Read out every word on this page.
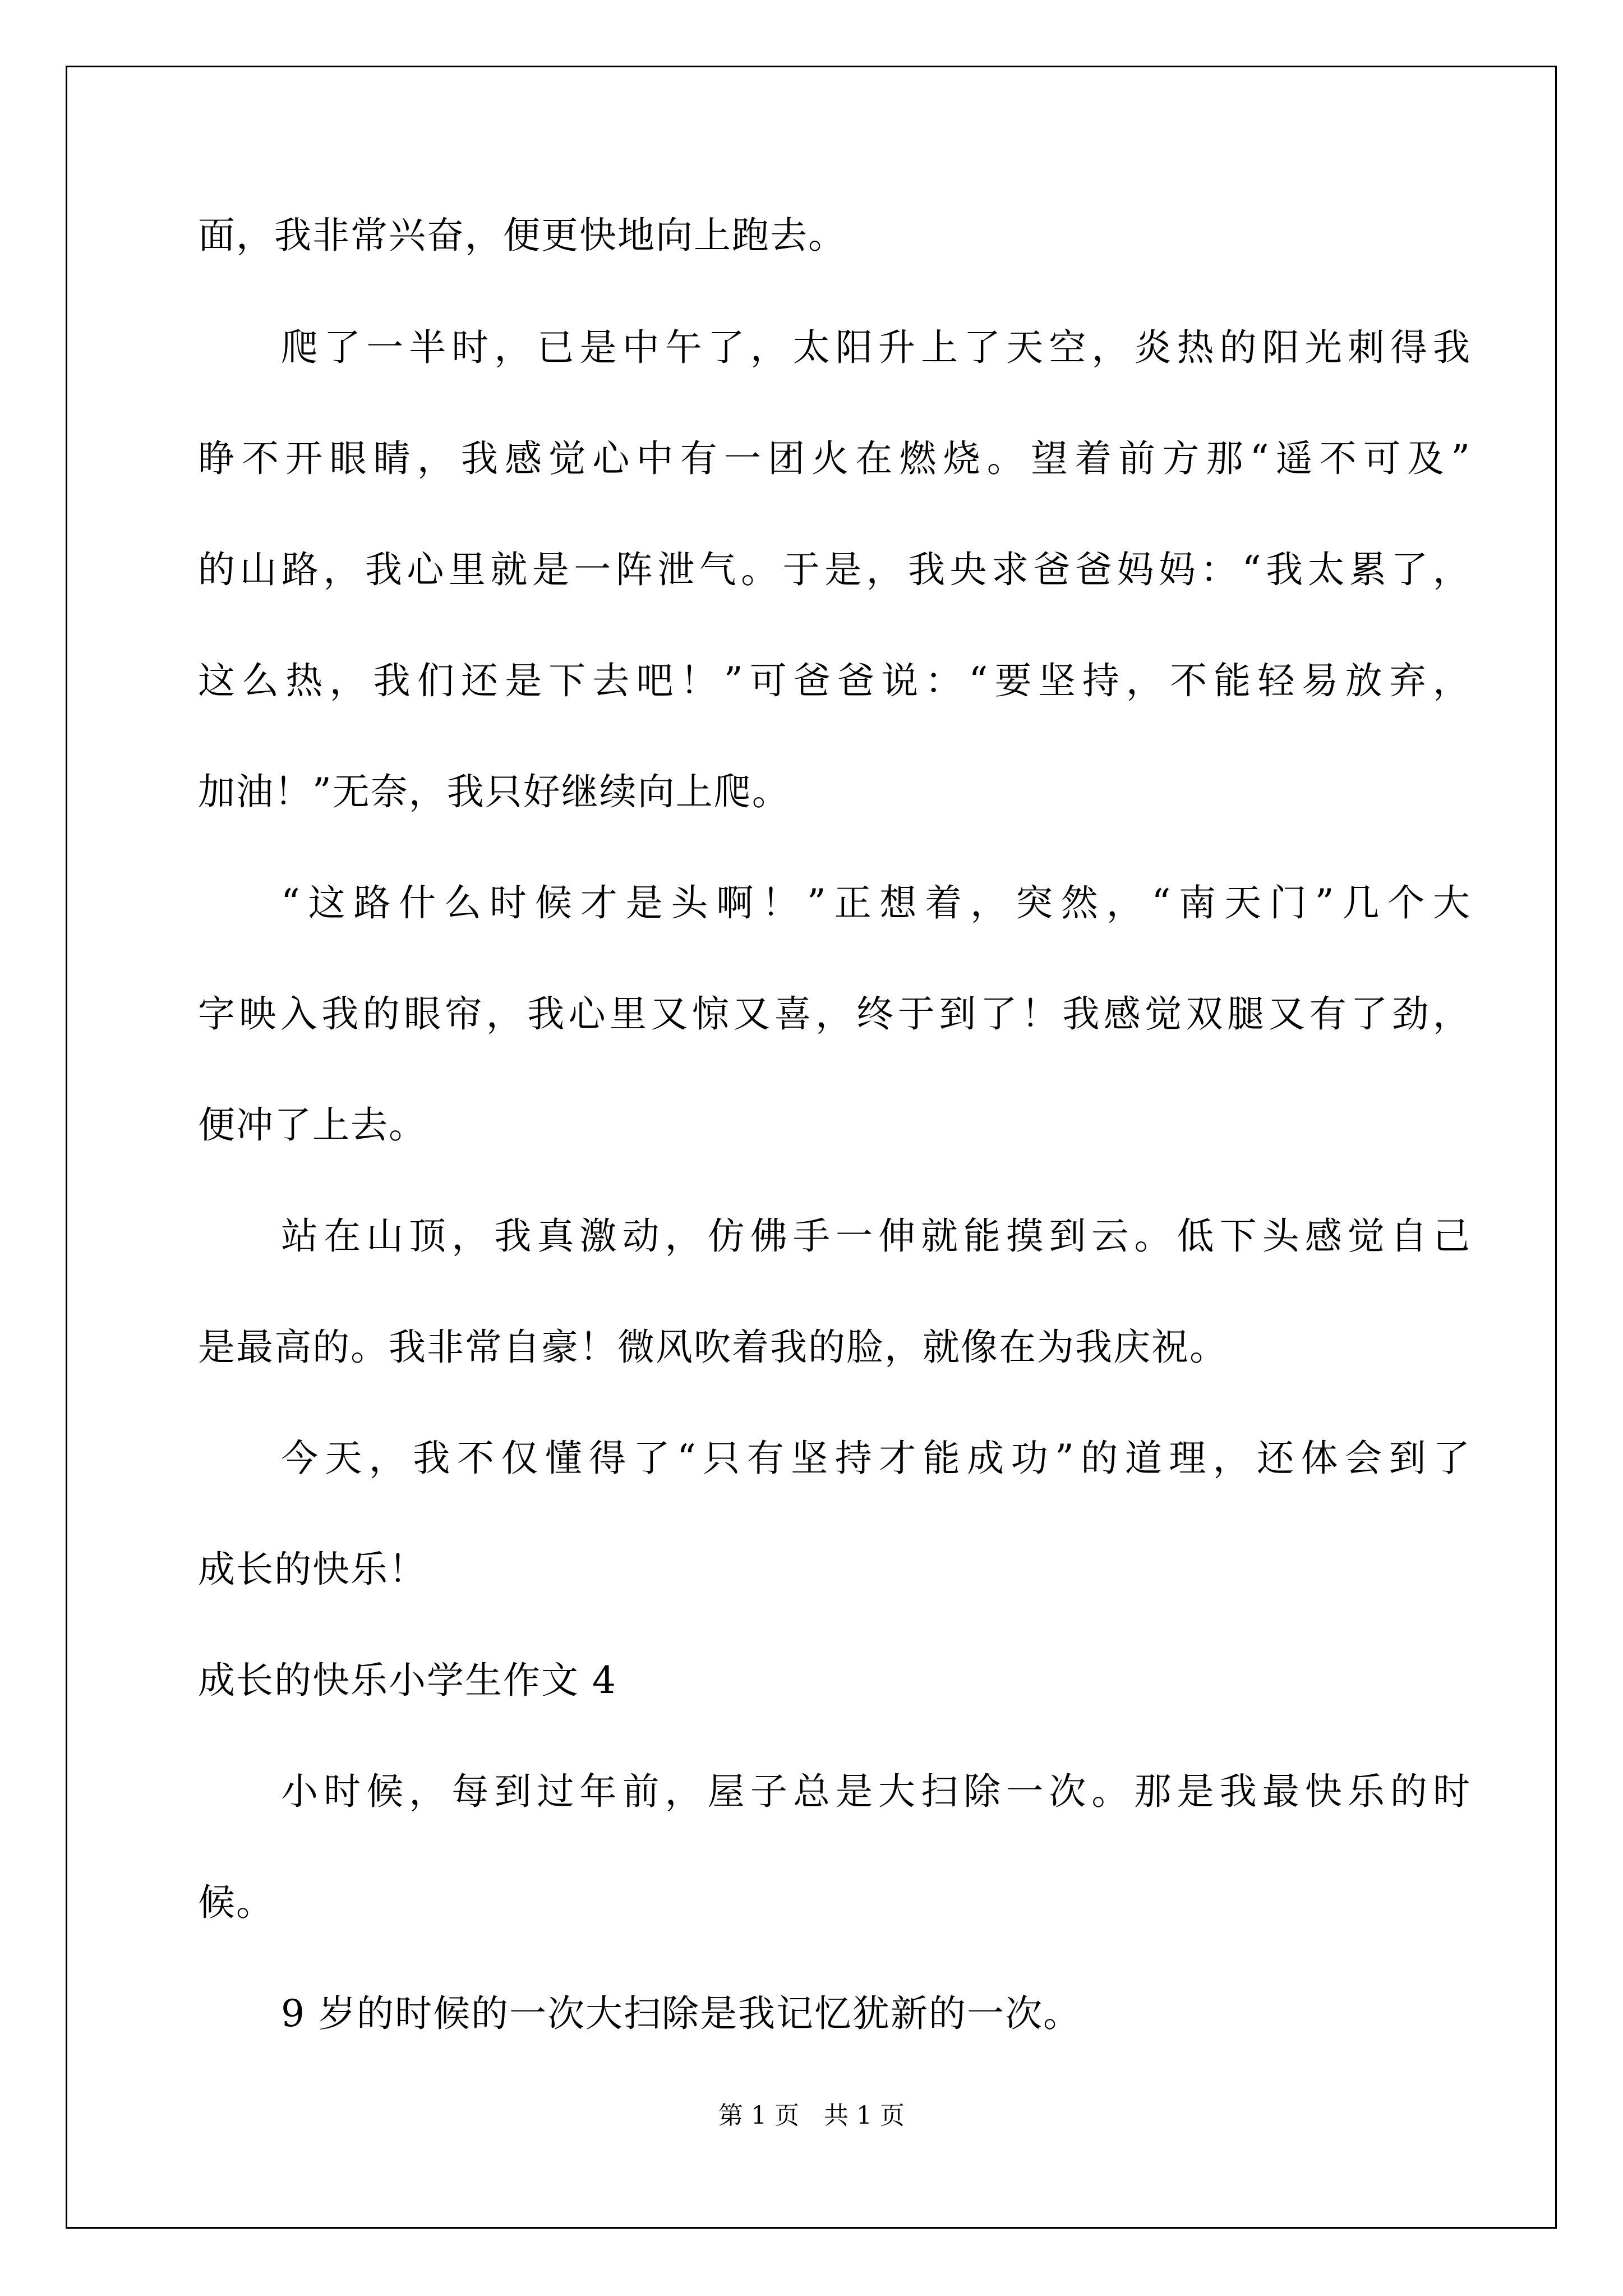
面，我非常兴奋，便更快地向上跑去。
爬了一半时，已是中午了，太阳升上了天空，炎热的阳光刺得我
睁不开眼睛，我感觉心中有一团火在燃烧。望着前方那“遥不可及”
的山路，我心里就是一阵泄气。于是，我央求爸爸妈妈：“我太累了，
这么热，我们还是下去吧！”可爸爸说：“要坚持，不能轻易放弃，
加油！”无奈，我只好继续向上爬。
“这路什么时候才是头啊！”正想着，突然，“南天门”几个大
字映入我的眼帘，我心里又惊又喜，终于到了！我感觉双腿又有了劲，
便冲了上去。
站在山顶，我真激动，仿佛手一伸就能摸到云。低下头感觉自己
是最高的。我非常自豪！微风吹着我的脸，就像在为我庆祝。
今天，我不仅懂得了“只有坚持才能成功”的道理，还体会到了
成长的快乐！
成长的快乐小学生作文 4
小时候，每到过年前，屋子总是大扫除一次。那是我最快乐的时
候。
9 岁的时候的一次大扫除是我记忆犹新的一次。
第 1 页　共 1 页
